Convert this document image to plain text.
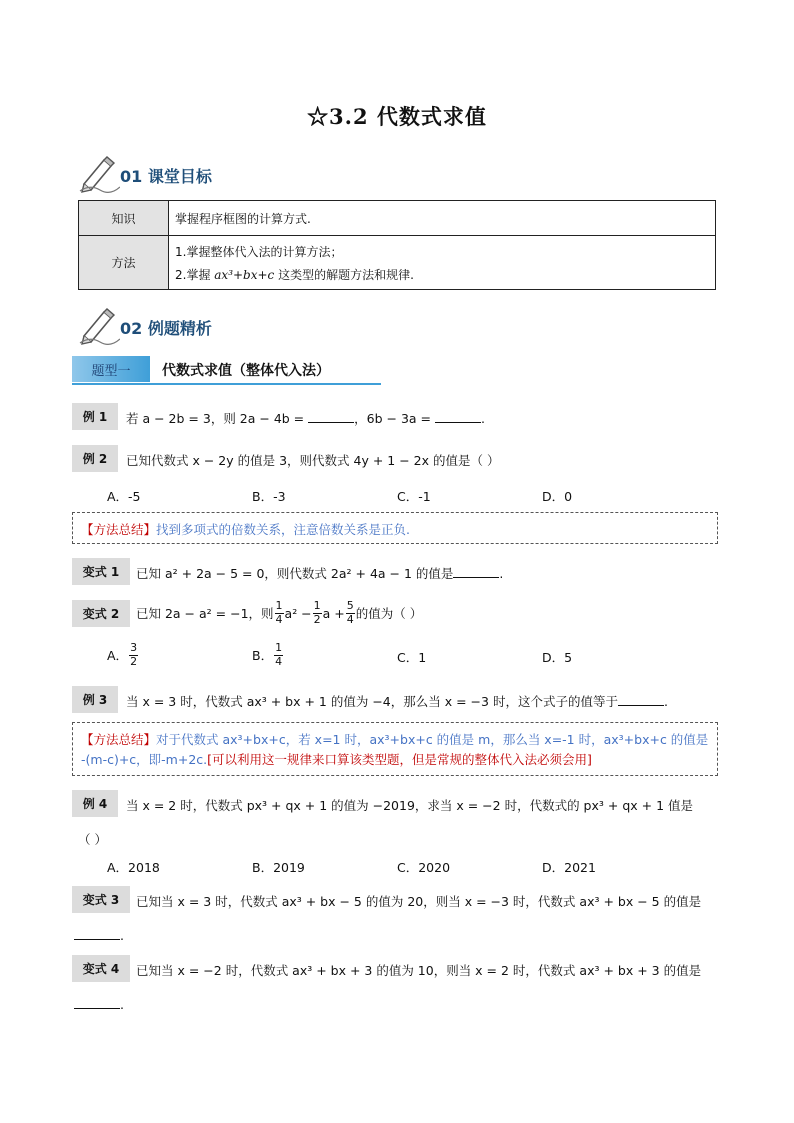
☆3.2 代数式求值
01 课堂目标
知识	掌握程序框图的计算方式.
方法	1.掌握整体代入法的计算方法；
2.掌握 ax³+bx+c 这类型的解题方法和规律.
02 例题精析
题型一	代数式求值（整体代入法）
例 1	若 a − 2b = 3，则 2a − 4b =	，6b − 3a =	.
例 2	已知代数式 x − 2y 的值是 3，则代数式 4y + 1 − 2x 的值是（ ）
A．-5	B．-3	C．-1	D．0
【方法总结】找到多项式的倍数关系，注意倍数关系是正负.
变式 1	已知 a² + 2a − 5 = 0，则代数式 2a² + 4a − 1 的值是	.
变式 2	已知 2a − a² = −1，则 $\frac{1}{4} a^2 - \frac{1}{2}$ $a + \frac{5}{4}$ 的值为（ ）
A． $\frac{3}{2}$	B． $\frac{1}{4}$	C．1	D．5
例 3	当 x = 3 时，代数式 ax³ + bx + 1 的值为 −4，那么当 x = −3 时，这个式子的值等于	.
【方法总结】对于代数式 ax³+bx+c，若 x=1 时，ax³+bx+c 的值是 m，那么当 x=-1 时，ax³+bx+c 的值是
-(m-c)+c，即-m+2c.[可以利用这一规律来口算该类型题，但是常规的整体代入法必须会用]
例 4	当 x = 2 时，代数式 px³ + qx + 1 的值为 −2019，求当 x = −2 时，代数式的 px³ + qx + 1 值是
（ ）
A．2018	B．2019	C．2020	D．2021
变式 3	已知当 x = 3 时，代数式 ax³ + bx − 5 的值为 20，则当 x = −3 时，代数式 ax³ + bx − 5 的值是
.
变式 4	已知当 x = −2 时，代数式 ax³ + bx + 3 的值为 10，则当 x = 2 时，代数式 ax³ + bx + 3 的值是
.
